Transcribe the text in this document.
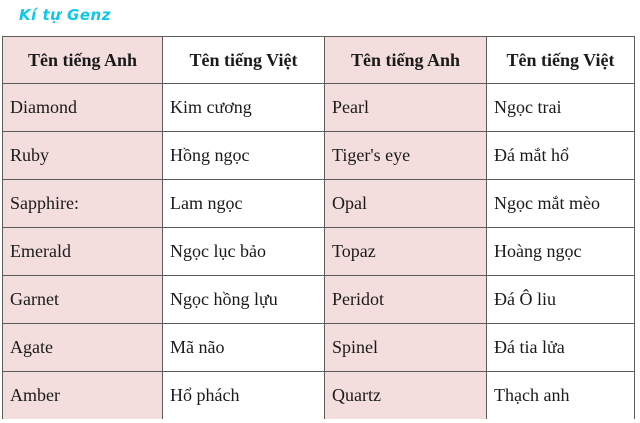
Kí tự Genz
Tên tiếng Anh	Tên tiếng Việt	Tên tiếng Anh	Tên tiếng Việt
Diamond	Kim cương	Pearl	Ngọc trai
Ruby	Hồng ngọc	Tiger's eye	Đá mắt hổ
Sapphire:	Lam ngọc	Opal	Ngọc mắt mèo
Emerald	Ngọc lục bảo	Topaz	Hoàng ngọc
Garnet	Ngọc hồng lựu	Peridot	Đá Ô liu
Agate	Mã não	Spinel	Đá tia lửa
Amber	Hổ phách	Quartz	Thạch anh
